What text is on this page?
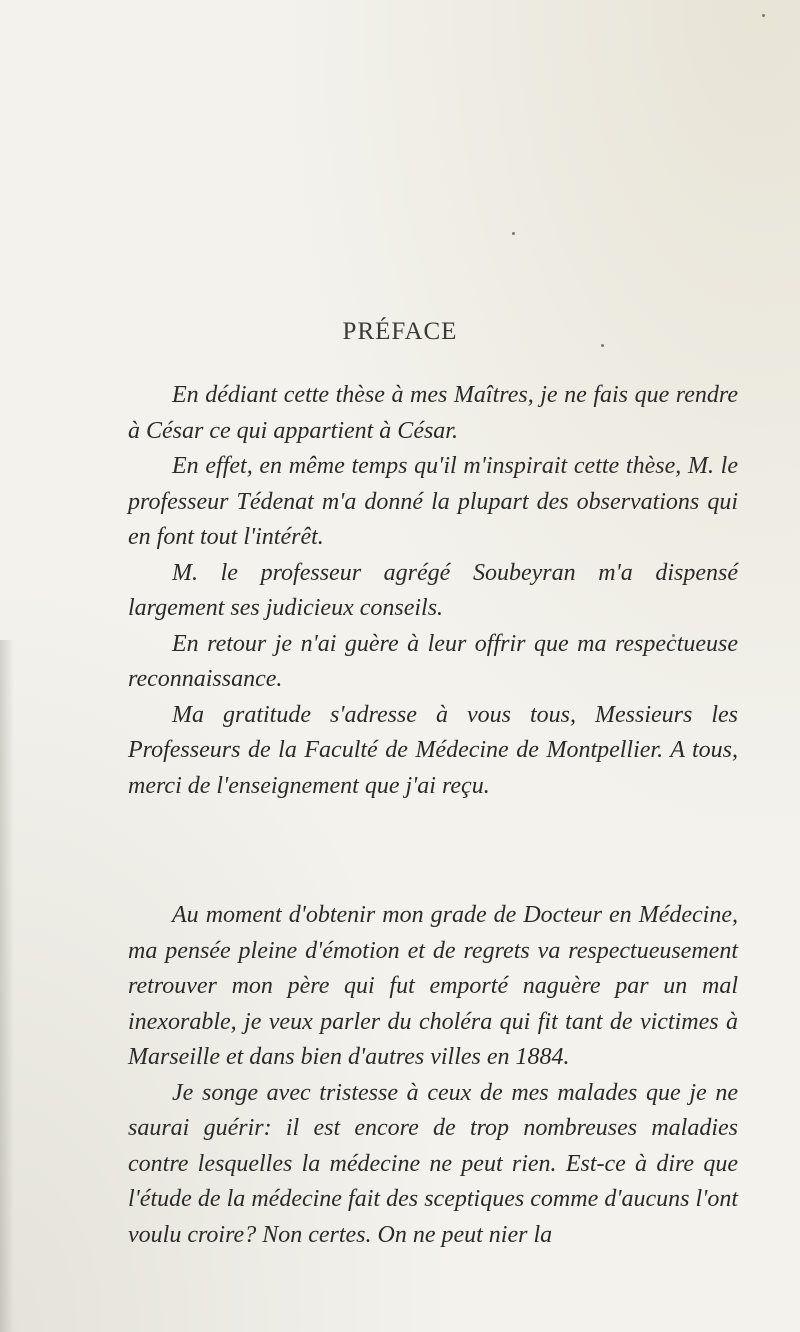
PRÉFACE

En dédiant cette thèse à mes Maîtres, je ne fais que rendre à César ce qui appartient à César.

En effet, en même temps qu'il m'inspirait cette thèse, M. le professeur Tédenat m'a donné la plupart des observations qui en font tout l'intérêt.

M. le professeur agrégé Soubeyran m'a dispensé largement ses judicieux conseils.

En retour je n'ai guère à leur offrir que ma respectueuse reconnaissance.

Ma gratitude s'adresse à vous tous, Messieurs les Professeurs de la Faculté de Médecine de Montpellier. A tous, merci de l'enseignement que j'ai reçu.

Au moment d'obtenir mon grade de Docteur en Médecine, ma pensée pleine d'émotion et de regrets va respectueusement retrouver mon père qui fut emporté naguère par un mal inexorable, je veux parler du choléra qui fit tant de victimes à Marseille et dans bien d'autres villes en 1884.

Je songe avec tristesse à ceux de mes malades que je ne saurai guérir: il est encore de trop nombreuses maladies contre lesquelles la médecine ne peut rien. Est-ce à dire que l'étude de la médecine fait des sceptiques comme d'aucuns l'ont voulu croire? Non certes. On ne peut nier la
